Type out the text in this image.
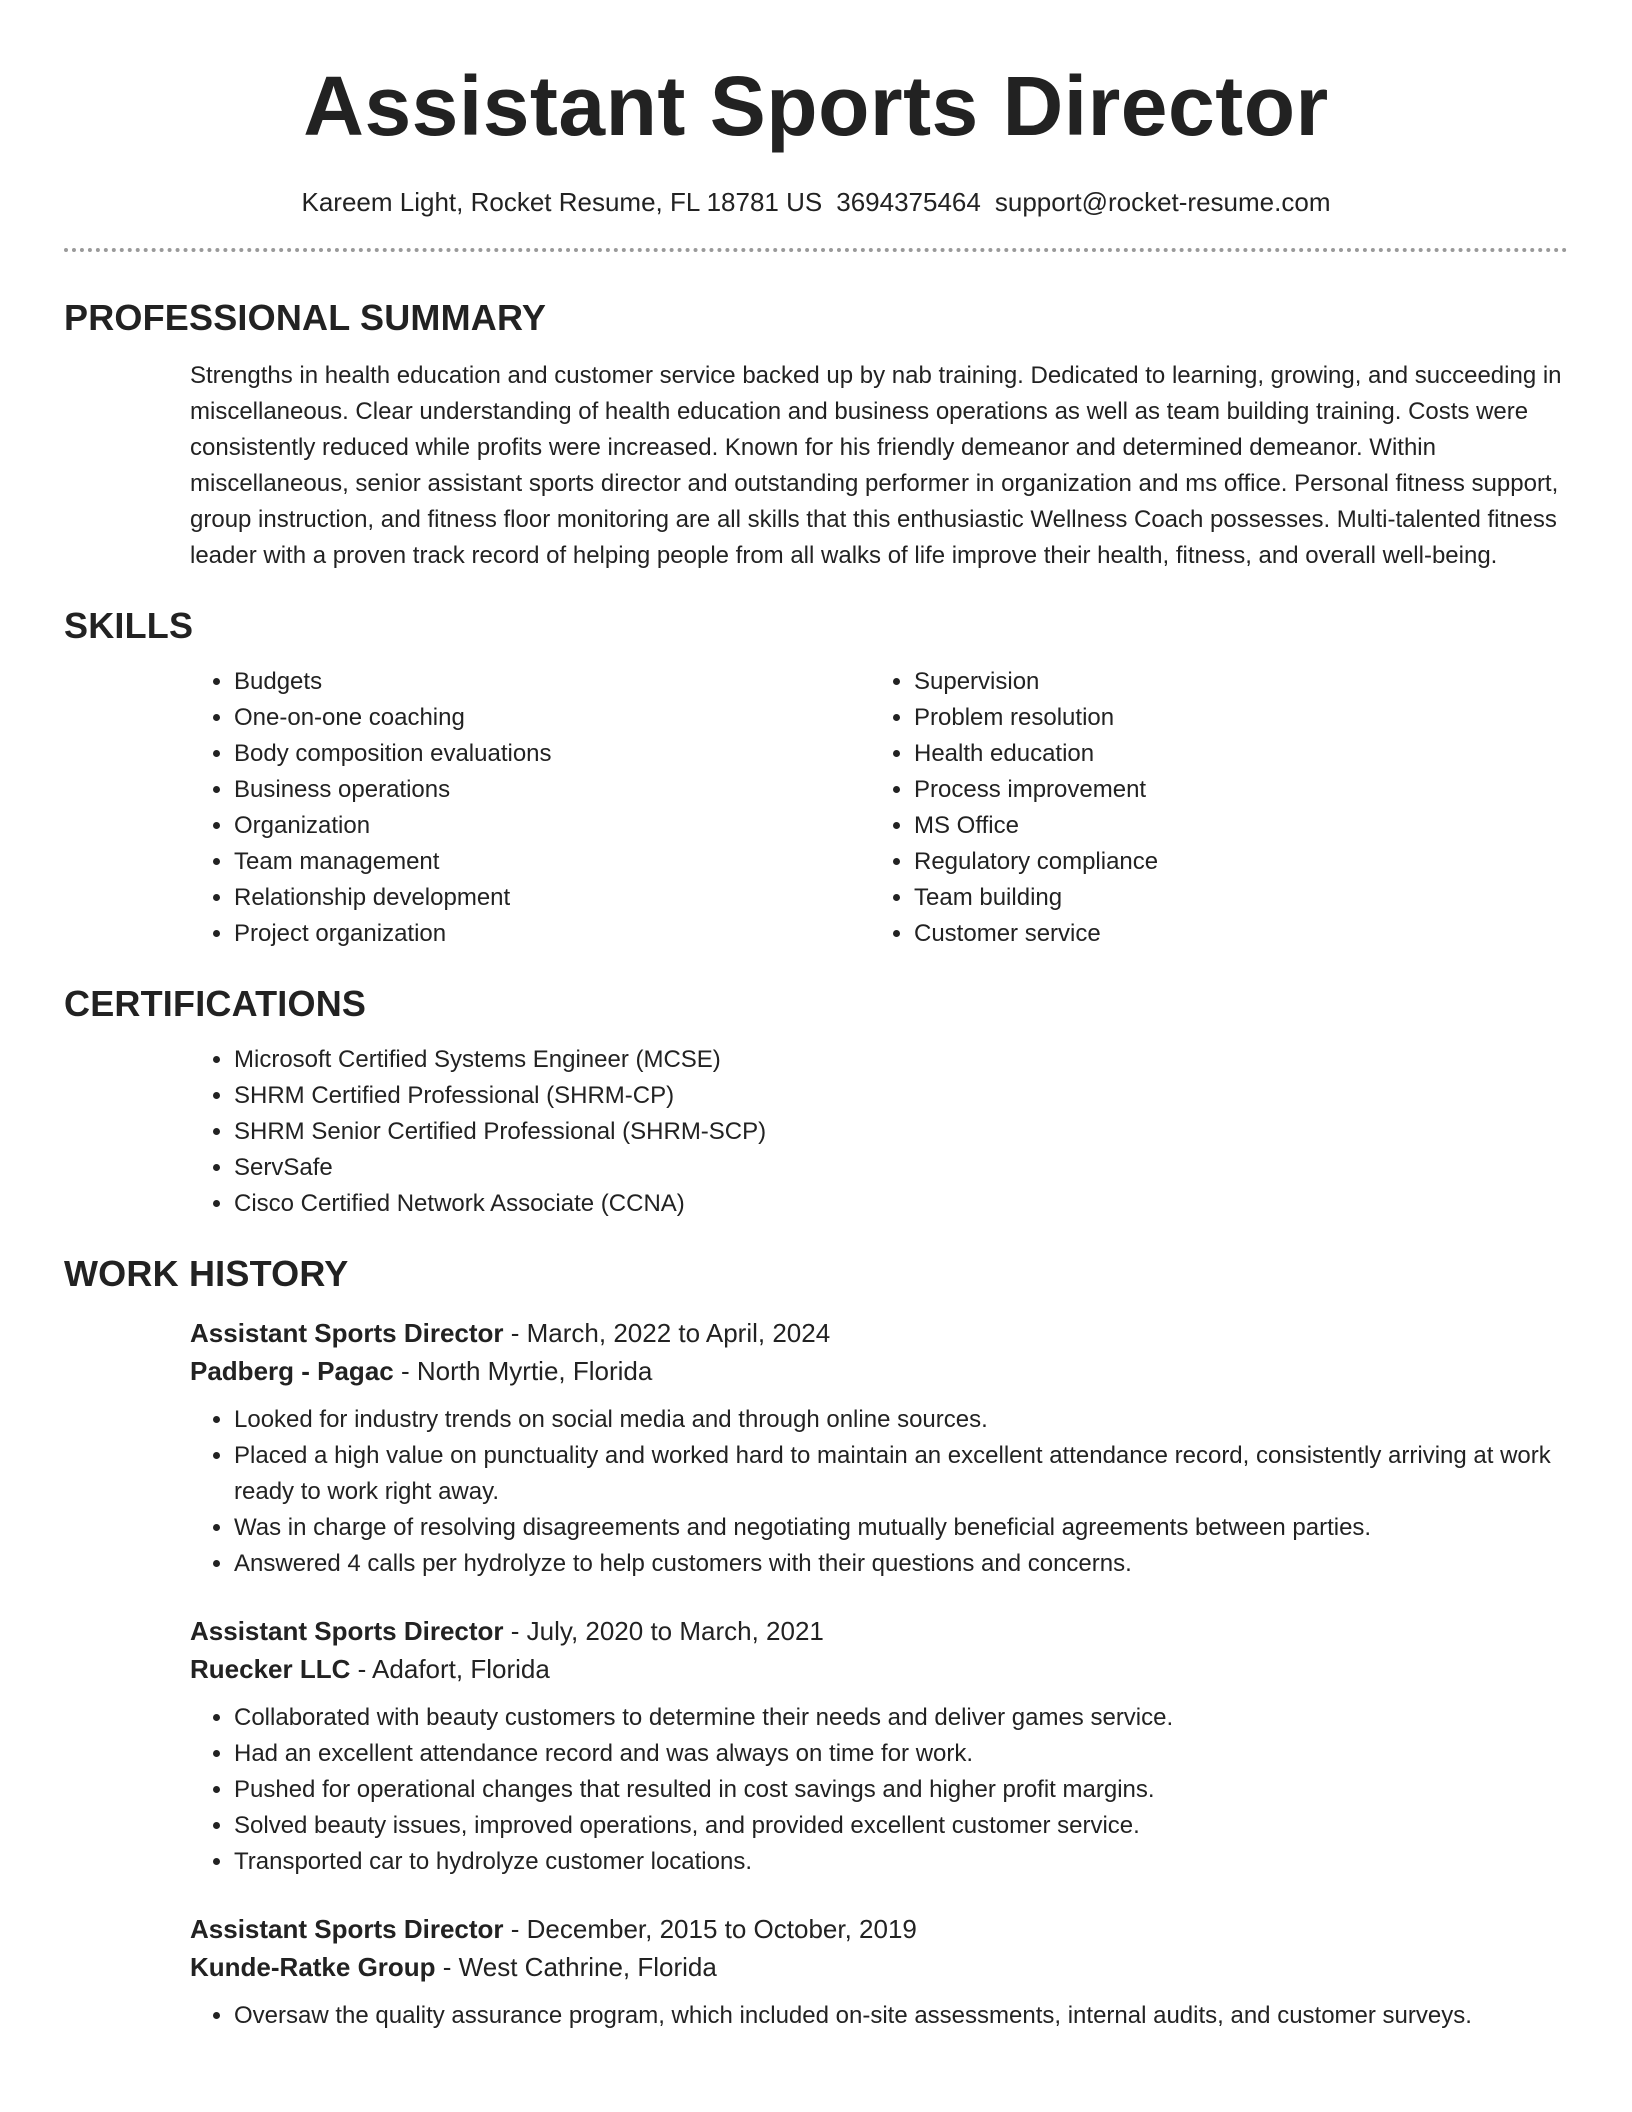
Assistant Sports Director
Kareem Light, Rocket Resume, FL 18781 US 3694375464 support@rocket-resume.com
PROFESSIONAL SUMMARY

Strengths in health education and customer service backed up by nab training. Dedicated to learning, growing, and succeeding in miscellaneous. Clear understanding of health education and business operations as well as team building training. Costs were consistently reduced while profits were increased. Known for his friendly demeanor and determined demeanor. Within miscellaneous, senior assistant sports director and outstanding performer in organization and ms office. Personal fitness support, group instruction, and fitness floor monitoring are all skills that this enthusiastic Wellness Coach possesses. Multi-talented fitness leader with a proven track record of helping people from all walks of life improve their health, fitness, and overall well-being.

SKILLS
• Budgets
• One-on-one coaching
• Body composition evaluations
• Business operations
• Organization
• Team management
• Relationship development
• Project organization
• Supervision
• Problem resolution
• Health education
• Process improvement
• MS Office
• Regulatory compliance
• Team building
• Customer service
CERTIFICATIONS
• Microsoft Certified Systems Engineer (MCSE)
• SHRM Certified Professional (SHRM-CP)
• SHRM Senior Certified Professional (SHRM-SCP)
• ServSafe
• Cisco Certified Network Associate (CCNA)
WORK HISTORY
Assistant Sports Director - March, 2022 to April, 2024
Padberg - Pagac - North Myrtie, Florida
• Looked for industry trends on social media and through online sources.
• Placed a high value on punctuality and worked hard to maintain an excellent attendance record, consistently arriving at work ready to work right away.
• Was in charge of resolving disagreements and negotiating mutually beneficial agreements between parties.
• Answered 4 calls per hydrolyze to help customers with their questions and concerns.
Assistant Sports Director - July, 2020 to March, 2021
Ruecker LLC - Adafort, Florida
• Collaborated with beauty customers to determine their needs and deliver games service.
• Had an excellent attendance record and was always on time for work.
• Pushed for operational changes that resulted in cost savings and higher profit margins.
• Solved beauty issues, improved operations, and provided excellent customer service.
• Transported car to hydrolyze customer locations.
Assistant Sports Director - December, 2015 to October, 2019
Kunde-Ratke Group - West Cathrine, Florida
• Oversaw the quality assurance program, which included on-site assessments, internal audits, and customer surveys.
